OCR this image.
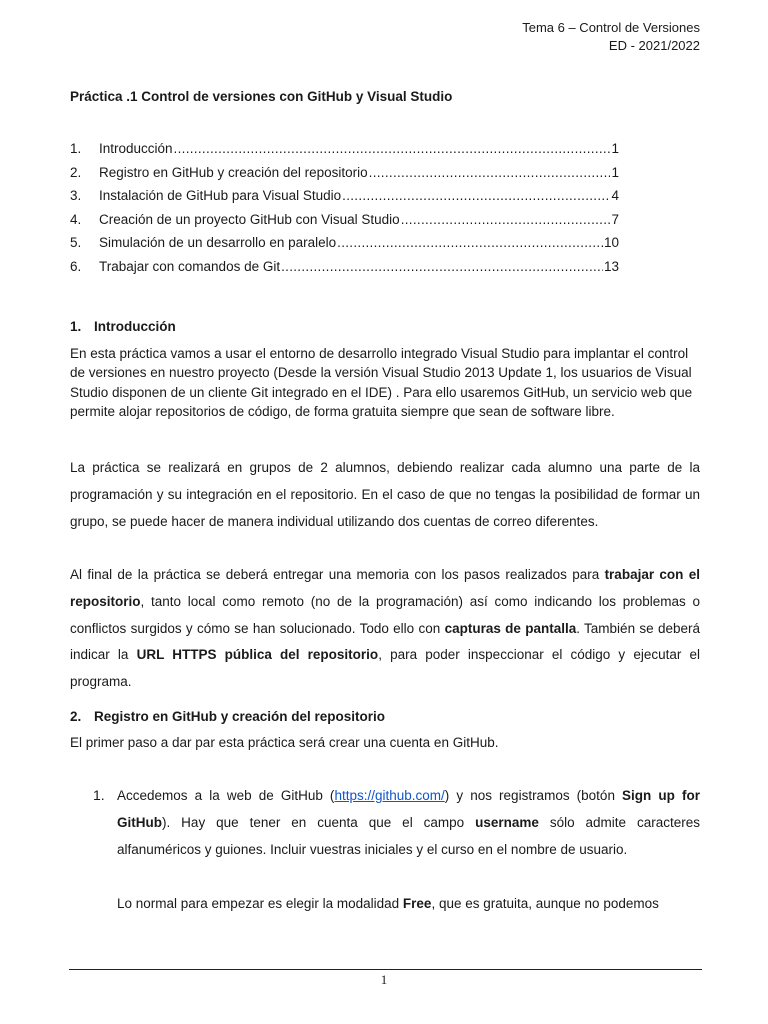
Tema 6 – Control de Versiones
ED - 2021/2022
Práctica .1 Control de versiones con GitHub y Visual Studio
1.	Introducción .....	1
2.	Registro en GitHub y creación del repositorio .....	1
3.	Instalación de GitHub para Visual Studio .....	4
4.	Creación de un proyecto GitHub con Visual Studio .....	7
5.	Simulación de un desarrollo en paralelo .....	10
6.	Trabajar con comandos de Git .....	13
1. Introducción

En esta práctica vamos a usar el entorno de desarrollo integrado Visual Studio para implantar el control de versiones en nuestro proyecto (Desde la versión Visual Studio 2013 Update 1, los usuarios de Visual Studio disponen de un cliente Git integrado en el IDE) . Para ello usaremos GitHub, un servicio web que permite alojar repositorios de código, de forma gratuita siempre que sean de software libre.

La práctica se realizará en grupos de 2 alumnos, debiendo realizar cada alumno una parte de la programación y su integración en el repositorio. En el caso de que no tengas la posibilidad de formar un grupo, se puede hacer de manera individual utilizando dos cuentas de correo diferentes.

Al final de la práctica se deberá entregar una memoria con los pasos realizados para trabajar con el repositorio, tanto local como remoto (no de la programación) así como indicando los problemas o conflictos surgidos y cómo se han solucionado. Todo ello con capturas de pantalla. También se deberá indicar la URL HTTPS pública del repositorio, para poder inspeccionar el código y ejecutar el programa.

2. Registro en GitHub y creación del repositorio

El primer paso a dar par esta práctica será crear una cuenta en GitHub.

1. Accedemos a la web de GitHub (https://github.com/) y nos registramos (botón Sign up for GitHub). Hay que tener en cuenta que el campo username sólo admite caracteres alfanuméricos y guiones. Incluir vuestras iniciales y el curso en el nombre de usuario.

Lo normal para empezar es elegir la modalidad Free, que es gratuita, aunque no podemos

1
